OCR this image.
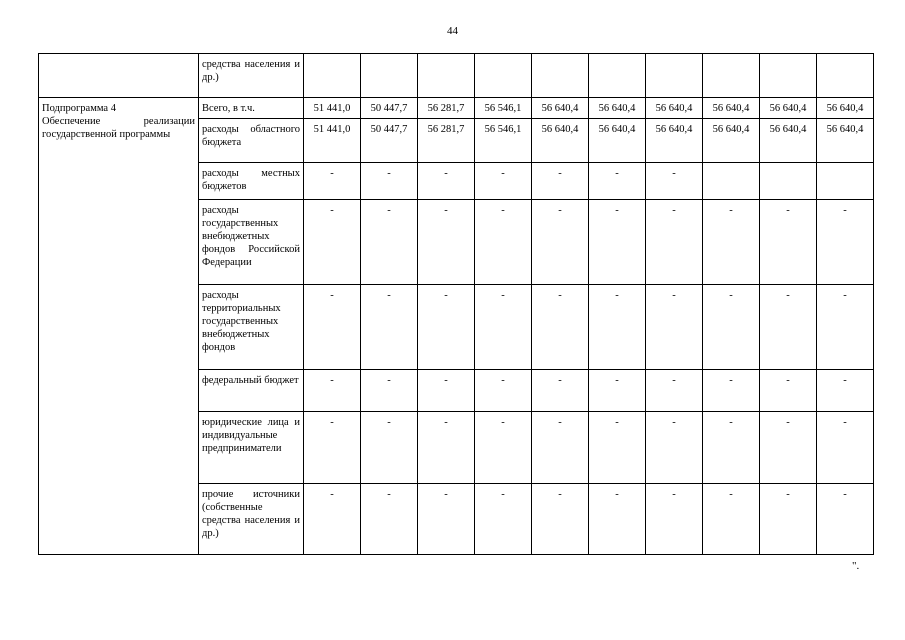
44
	средства населения и др.)										

Подпрограмма 4
Обеспечение реализации государственной программы	Всего, в т.ч.	51 441,0	50 447,7	56 281,7	56 546,1	56 640,4	56 640,4	56 640,4	56 640,4	56 640,4	56 640,4
	расходы областного бюджета	51 441,0	50 447,7	56 281,7	56 546,1	56 640,4	56 640,4	56 640,4	56 640,4	56 640,4	56 640,4
	расходы местных бюджетов	-	-	-	-	-	-	-			
	расходы государственных внебюджетных фондов Российской Федерации	-	-	-	-	-	-	-	-	-	-
	расходы территориальных государственных внебюджетных фондов	-	-	-	-	-	-	-	-	-	-
	федеральный бюджет	-	-	-	-	-	-	-	-	-	-
	юридические лица и индивидуальные предприниматели	-	-	-	-	-	-	-	-	-	-
	прочие источники (собственные средства населения и др.)	-	-	-	-	-	-	-	-	-	-
".
